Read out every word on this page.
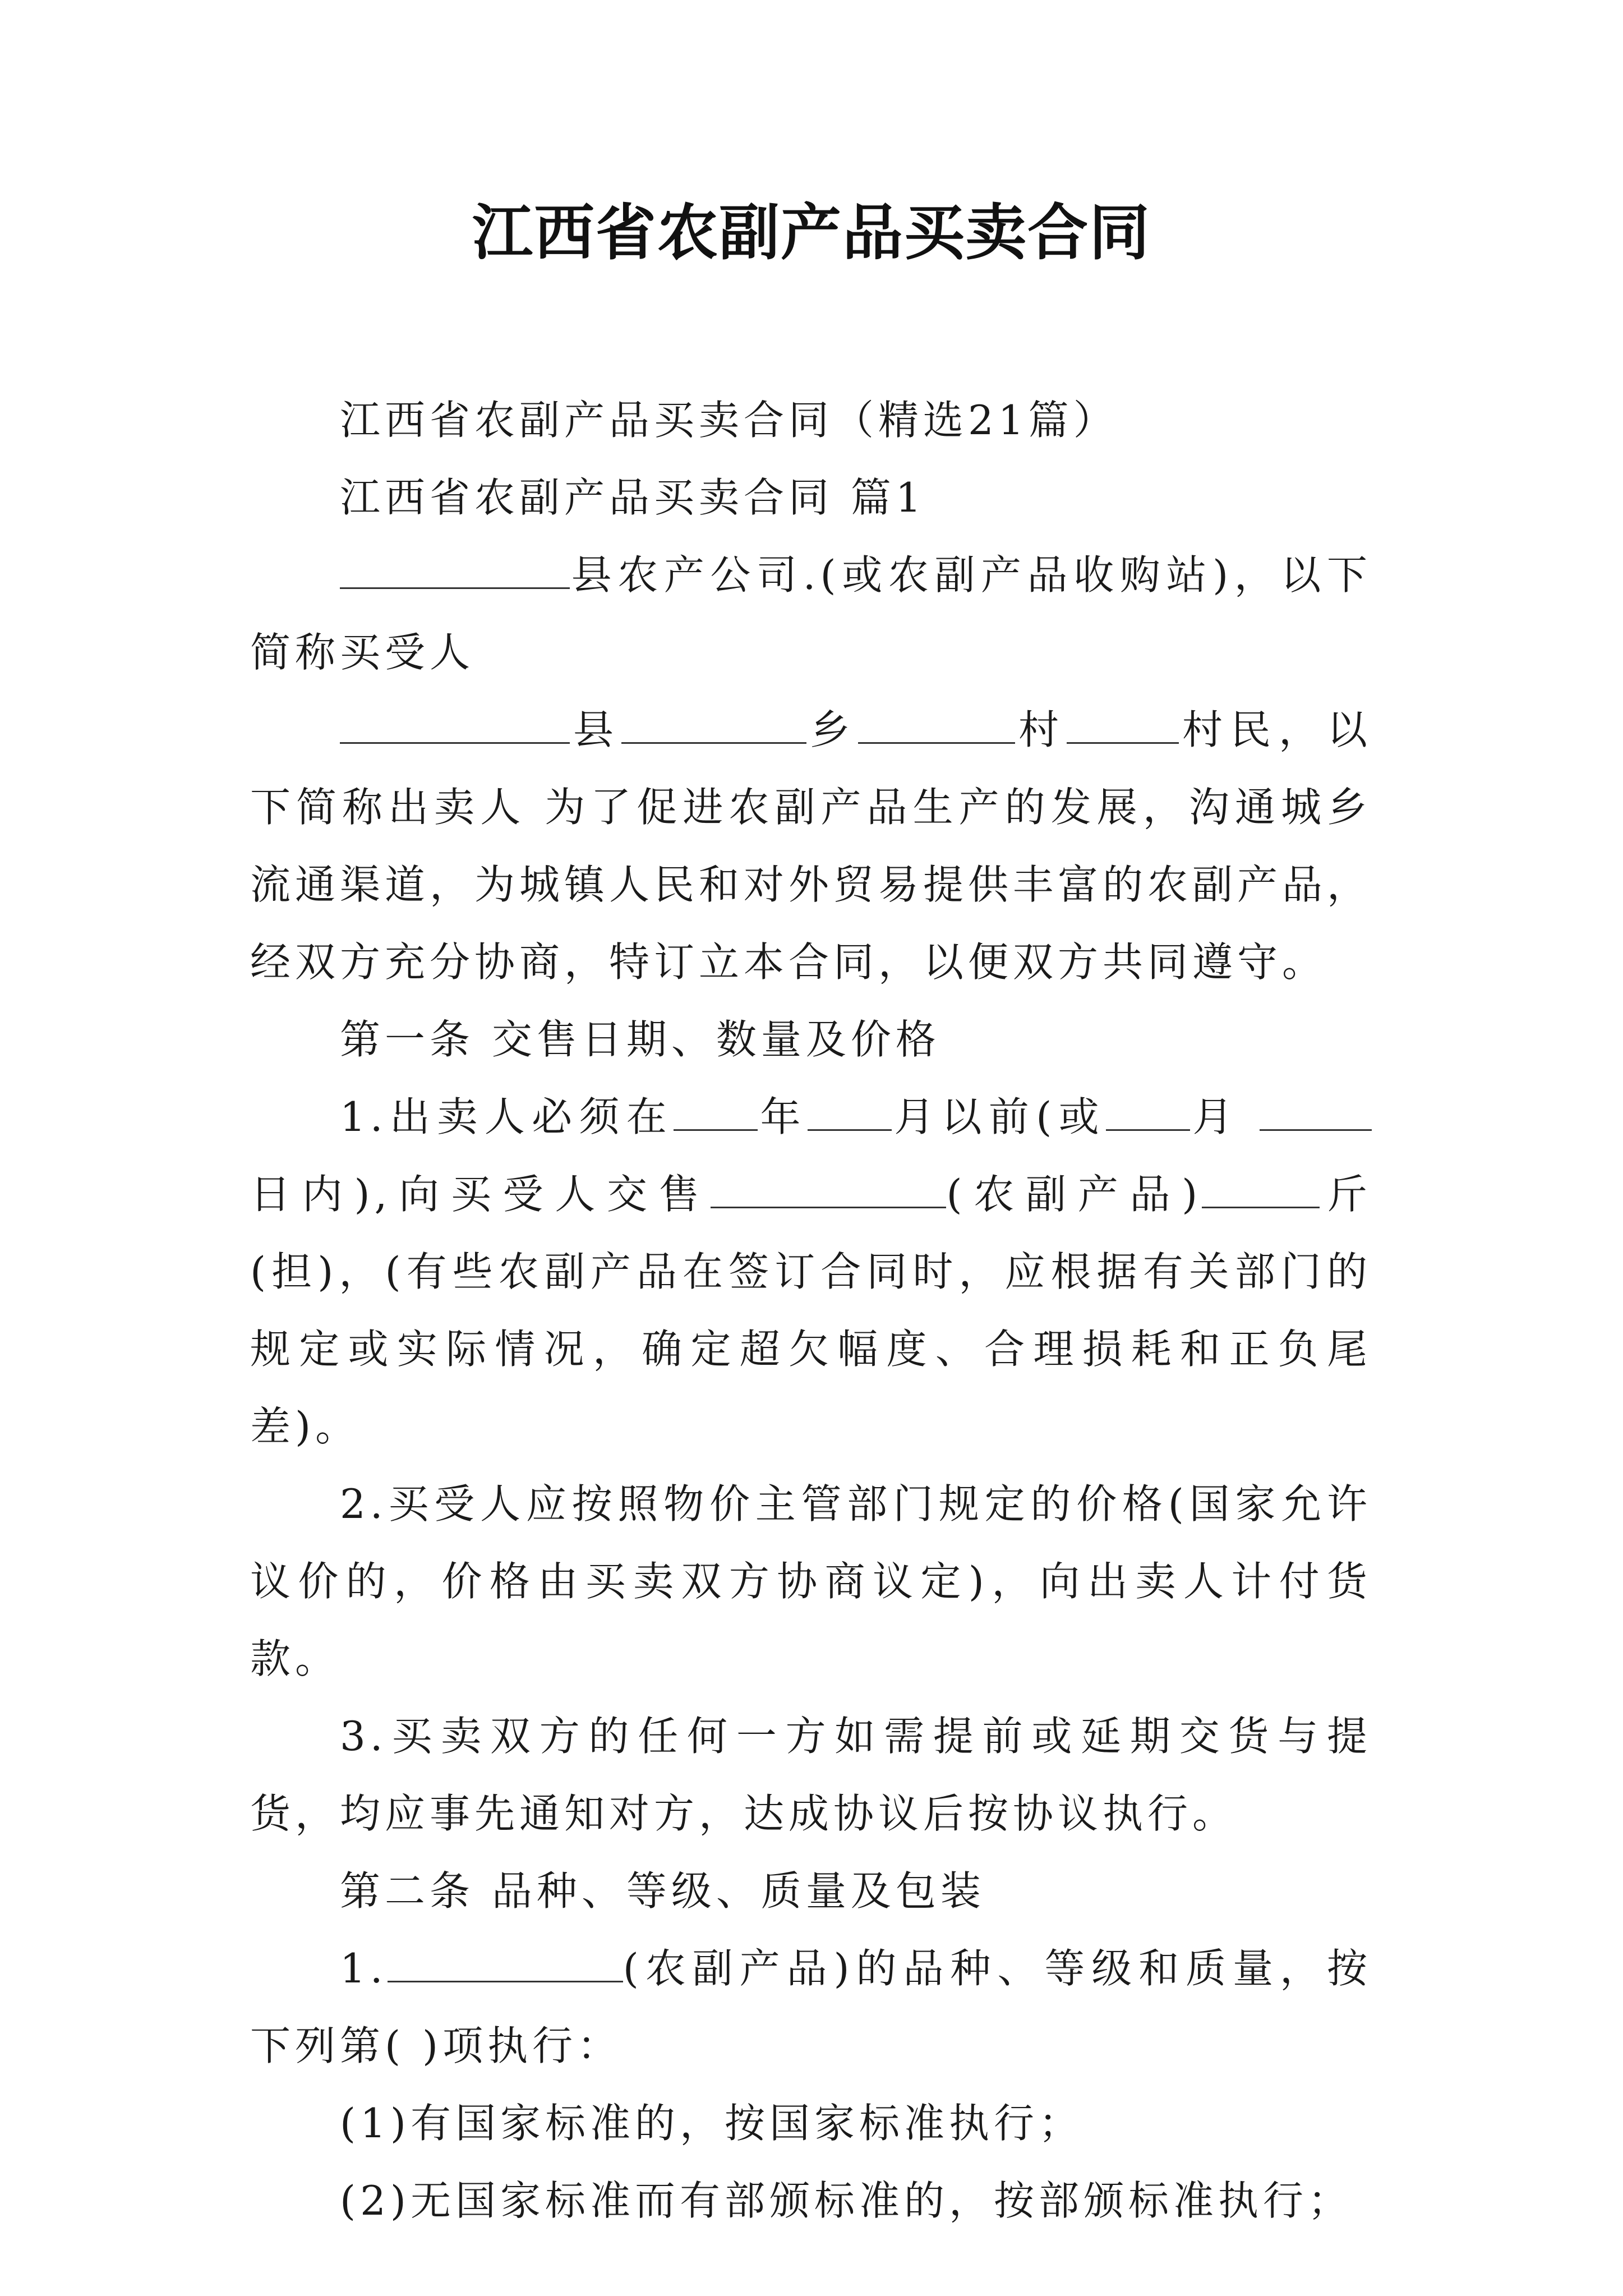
江西省农副产品买卖合同

江西省农副产品买卖合同（精选21篇）

江西省农副产品买卖合同 篇1

县农产公司.(或农副产品收购站)，以下简称买受人

县	乡	村	村民，以下简称出卖人 为了促进农副产品生产的发展，沟通城乡流通渠道，为城镇人民和对外贸易提供丰富的农副产品，经双方充分协商，特订立本合同，以便双方共同遵守。

第一条 交售日期、数量及价格

1.出卖人必须在 年 月以前(或 月 日内),向买受人交售	(农副产品)	斤(担)，(有些农副产品在签订合同时，应根据有关部门的规定或实际情况，确定超欠幅度、合理损耗和正负尾差)。

2.买受人应按照物价主管部门规定的价格(国家允许议价的，价格由买卖双方协商议定)，向出卖人计付货款。

3.买卖双方的任何一方如需提前或延期交货与提货，均应事先通知对方，达成协议后按协议执行。

第二条 品种、等级、质量及包装

1.	(农副产品)的品种、等级和质量，按下列第( )项执行：

(1)有国家标准的，按国家标准执行；

(2)无国家标准而有部颁标准的，按部颁标准执行；
